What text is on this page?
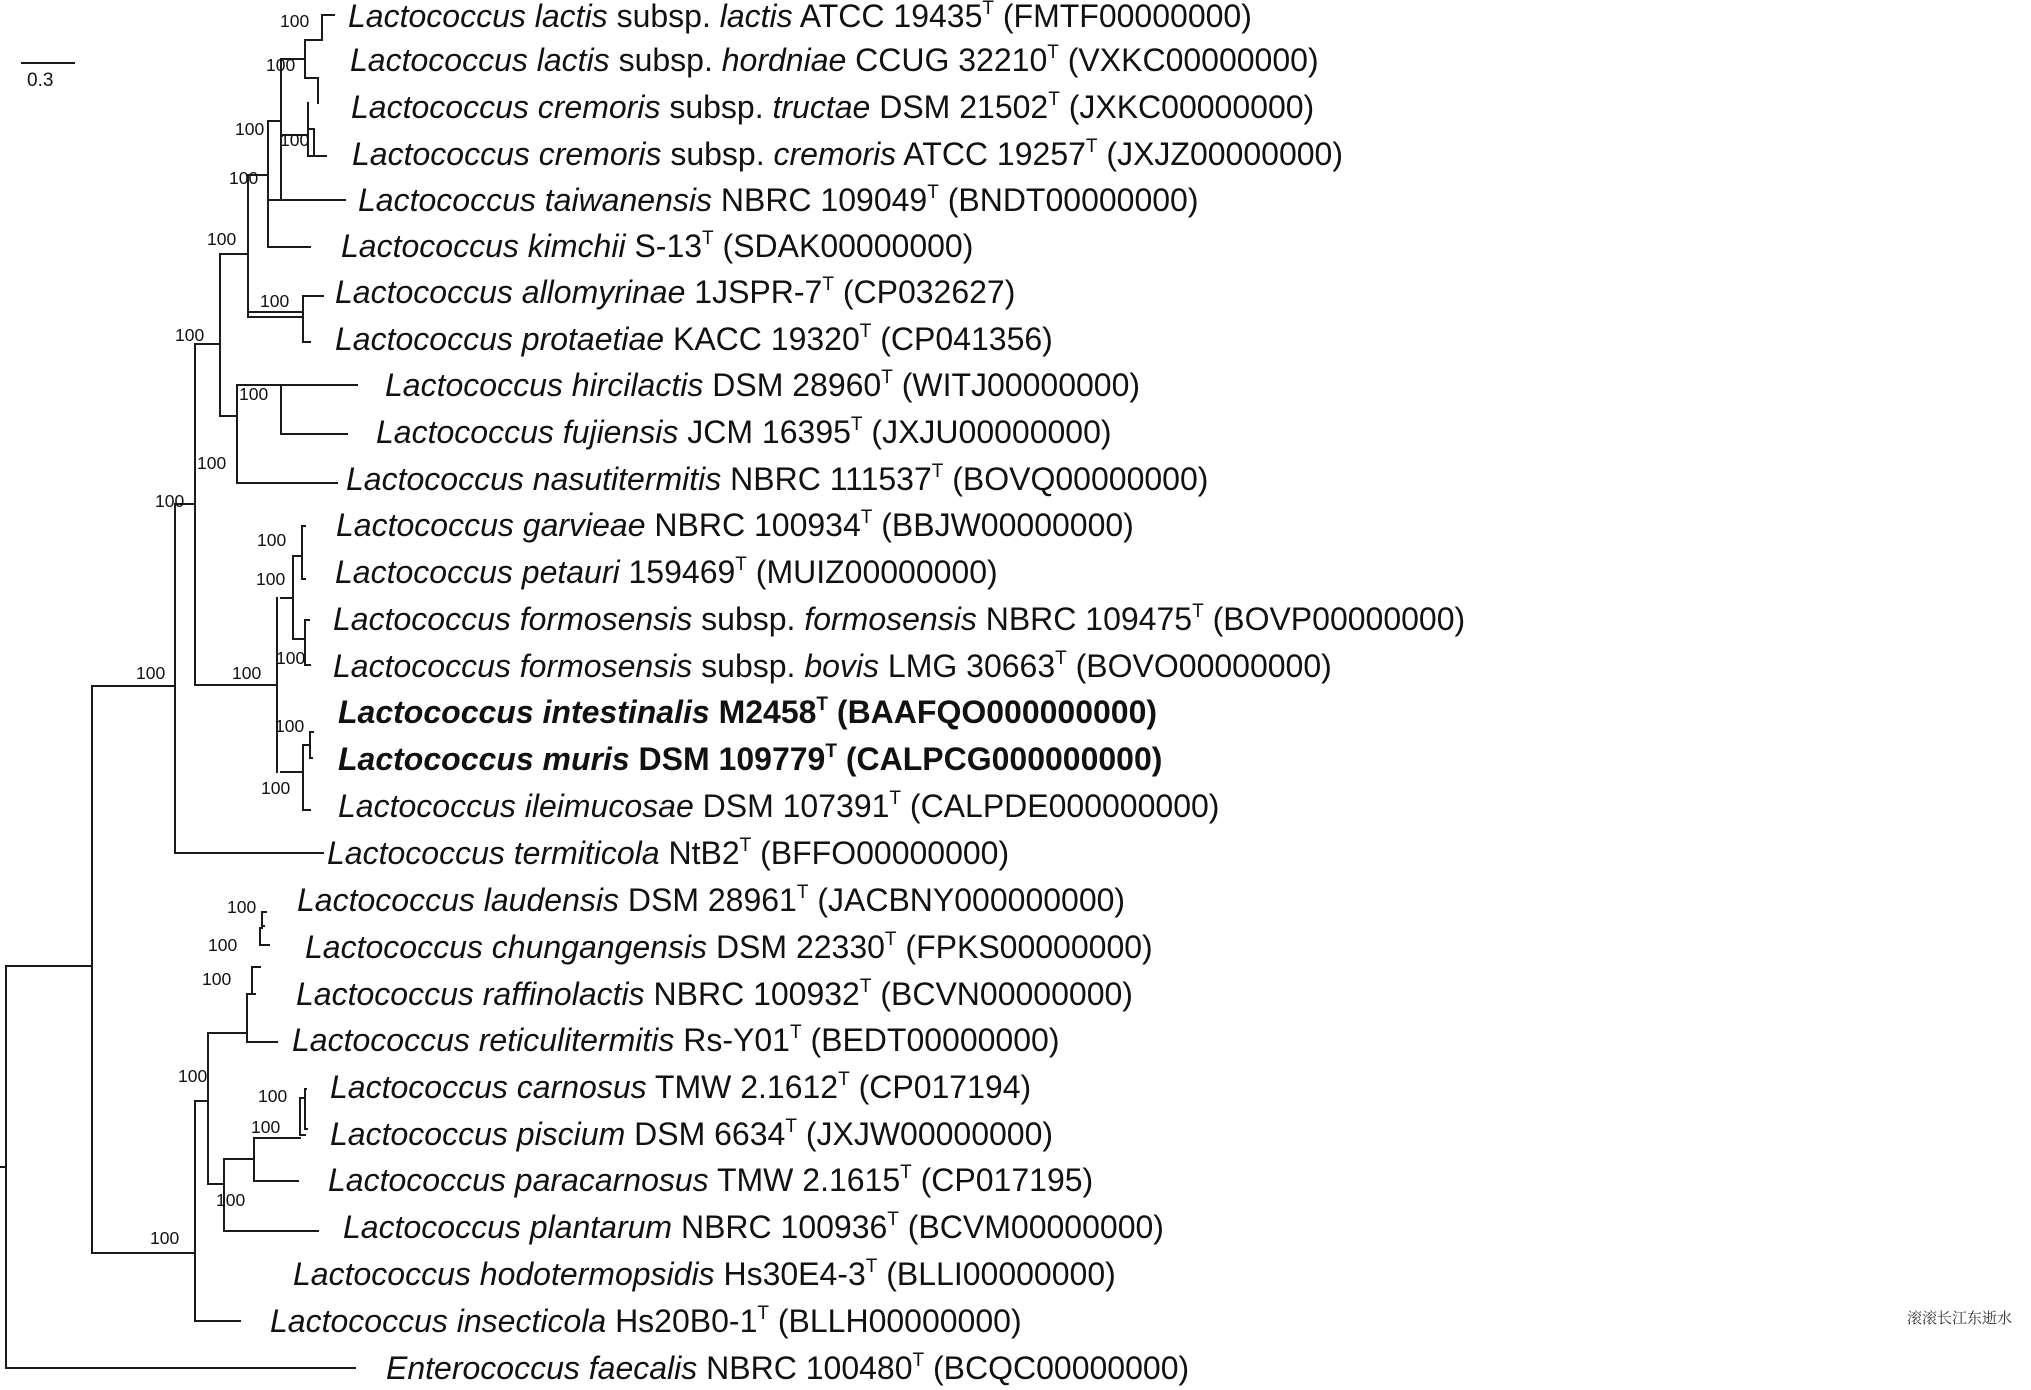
0.3
100
100
100
100
100
100
100
100
100
100
100
100
100
100	100
100
100
100
100
100
100
100
100
100
100
100
Lactococcus lactis subsp. lactis ATCC $19435^T$ (FMTF00000000)
Lactococcus lactis subsp. hordniae CCUG $32210^T$ (VXKC00000000)
Lactococcus cremoris subsp. tructae DSM $21502^T$ (JXKC00000000)
Lactococcus cremoris subsp. cremoris ATCC $19257^T$ (JXJZ00000000)
Lactococcus taiwanensis NBRC $109049^T$ (BNDT00000000)
Lactococcus kimchii $S-13^T$ (SDAK00000000)
Lactococcus allomyrinae $1JSPR-7^T$ (CP032627)
Lactococcus protaetiae KACC $19320^T$ (CP041356)
Lactococcus hircilactis DSM $28960^T$ (WITJ00000000)
Lactococcus fujiensis JCM $16395^T$ (JXJU00000000)
Lactococcus nasutitermitis NBRC $111537^T$ (BOVQ00000000)
Lactococcus garvieae NBRC $100934^T$ (BBJW00000000)
Lactococcus petauri $159469^T$ (MUIZ00000000)
Lactococcus formosensis subsp. formosensis NBRC $109475^T$ (BOVP00000000)
Lactococcus formosensis subsp. bovis LMG $30663^T$ (BOVO00000000)
Lactococcus intestinalis $M2458^T$ (BAAFQO000000000)
Lactococcus muris DSM $109779^T$ (CALPCG000000000)
Lactococcus ileimucosae DSM $107391^T$ (CALPDE000000000)
Lactococcus termiticola $NtB2^T$ (BFFO00000000)
Lactococcus laudensis DSM $28961^T$ (JACBNY000000000)
Lactococcus chungangensis DSM $22330^T$ (FPKS00000000)
Lactococcus raffinolactis NBRC $100932^T$ (BCVN00000000)
Lactococcus reticulitermitis $Rs-Y01^T$ (BEDT00000000)
Lactococcus carnosus TMW $2.1612^T$ (CP017194)
Lactococcus piscium DSM $6634^T$ (JXJW00000000)
Lactococcus paracarnosus TMW $2.1615^T$ (CP017195)
Lactococcus plantarum NBRC $100936^T$ (BCVM00000000)
Lactococcus hodotermopsidis $Hs30E4-3^T$ (BLLI00000000)
Lactococcus insecticola $Hs20B0-1^T$ (BLLH00000000)
Enterococcus faecalis NBRC $100480^T$ (BCQC00000000)
滚滚长江东逝水
